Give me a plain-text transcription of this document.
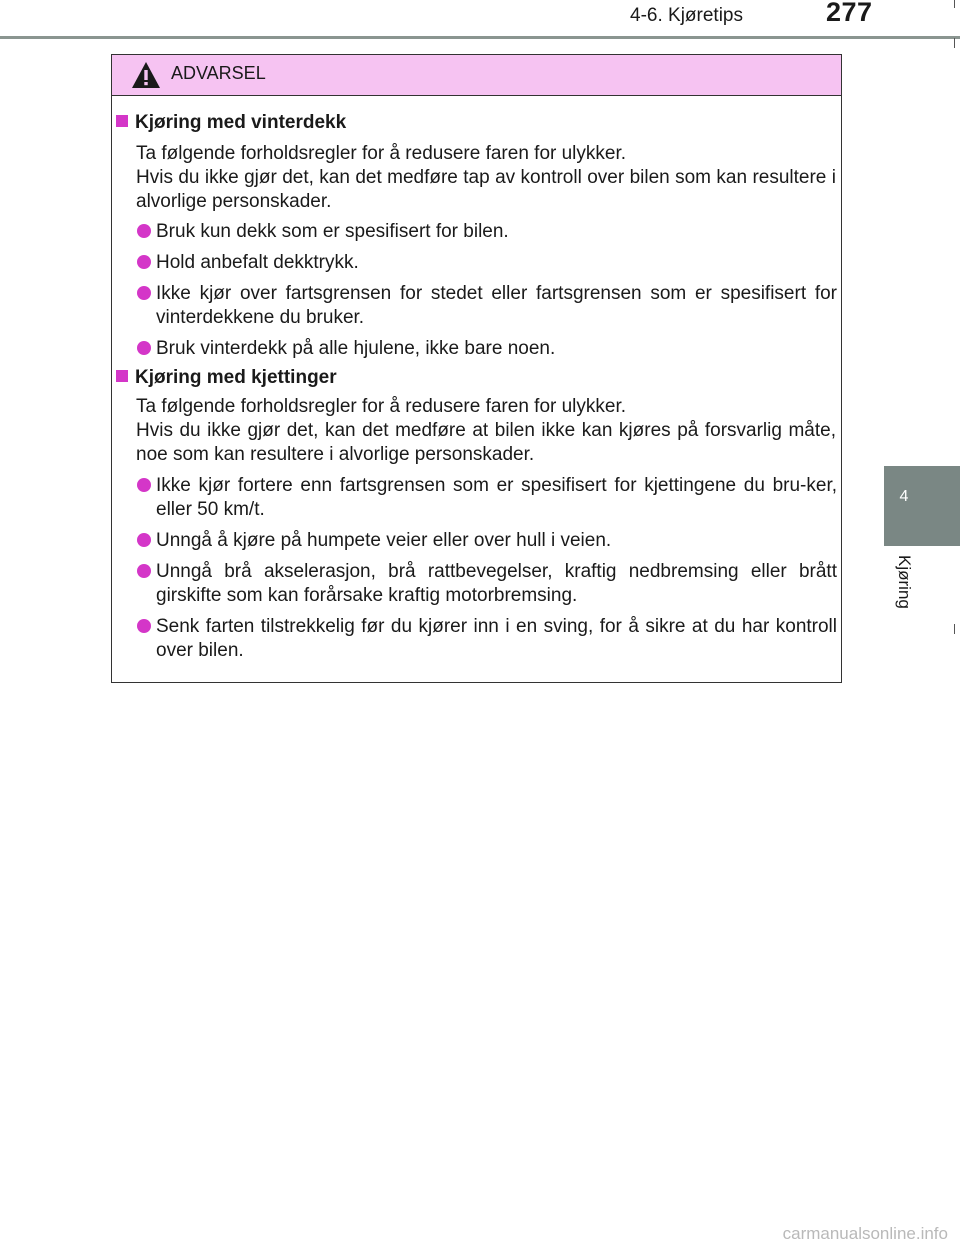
4-6. Kjøretips	277
4
Kjøring
ADVARSEL
Kjøring med vinterdekk
Ta følgende forholdsregler for å redusere faren for ulykker.
Hvis du ikke gjør det, kan det medføre tap av kontroll over bilen som kan resultere i alvorlige personskader.
Bruk kun dekk som er spesifisert for bilen.
Hold anbefalt dekktrykk.
Ikke kjør over fartsgrensen for stedet eller fartsgrensen som er spesifisert for vinterdekkene du bruker.
Bruk vinterdekk på alle hjulene, ikke bare noen.
Kjøring med kjettinger
Ta følgende forholdsregler for å redusere faren for ulykker.
Hvis du ikke gjør det, kan det medføre at bilen ikke kan kjøres på forsvarlig måte, noe som kan resultere i alvorlige personskader.
Ikke kjør fortere enn fartsgrensen som er spesifisert for kjettingene du bru-ker, eller 50 km/t.
Unngå å kjøre på humpete veier eller over hull i veien.
Unngå brå akselerasjon, brå rattbevegelser, kraftig nedbremsing eller brått girskifte som kan forårsake kraftig motorbremsing.
Senk farten tilstrekkelig før du kjører inn i en sving, for å sikre at du har kontroll over bilen.
carmanualsonline.info
